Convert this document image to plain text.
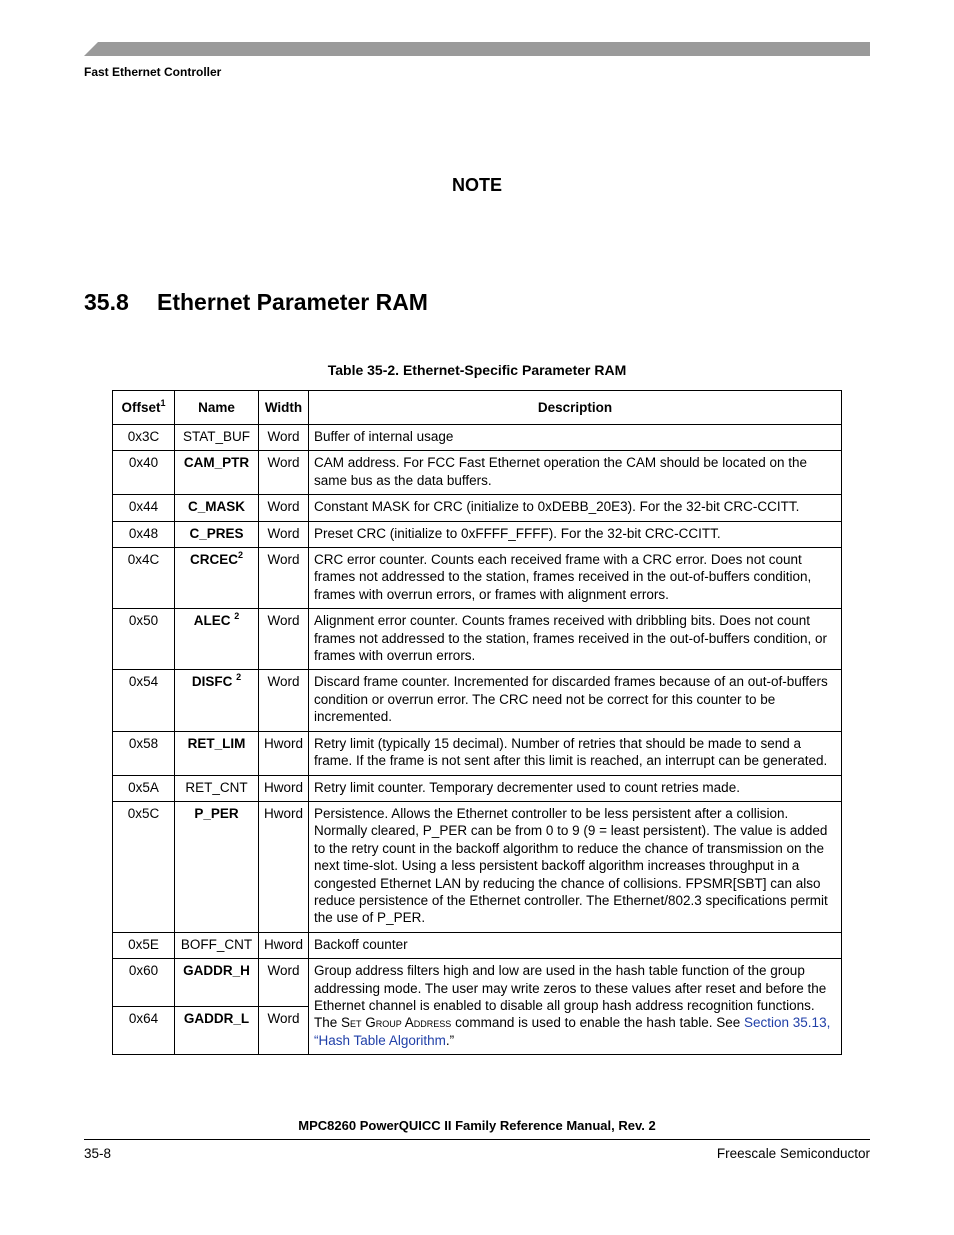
Fast Ethernet Controller
NOTE
35.8 Ethernet Parameter RAM
Table 35-2. Ethernet-Specific Parameter RAM
Offset$^1$	Name	Width	Description
0x3C	STAT_BUF	Word	Buffer of internal usage
0x40	CAM_PTR	Word	CAM address. For FCC Fast Ethernet operation the CAM should be located on the same bus as the data buffers.
0x44	C_MASK	Word	Constant MASK for CRC (initialize to 0xDEBB_20E3). For the 32-bit CRC-CCITT.
0x48	C_PRES	Word	Preset CRC (initialize to 0xFFFF_FFFF). For the 32-bit CRC-CCITT.
0x4C	CRCEC$^2$	Word	CRC error counter. Counts each received frame with a CRC error. Does not count frames not addressed to the station, frames received in the out-of-buffers condition, frames with overrun errors, or frames with alignment errors.
0x50	ALEC $^2$	Word	Alignment error counter. Counts frames received with dribbling bits. Does not count frames not addressed to the station, frames received in the out-of-buffers condition, or frames with overrun errors.
0x54	DISFC $^2$	Word	Discard frame counter. Incremented for discarded frames because of an out-of-buffers condition or overrun error. The CRC need not be correct for this counter to be incremented.
0x58	RET_LIM	Hword	Retry limit (typically 15 decimal). Number of retries that should be made to send a frame. If the frame is not sent after this limit is reached, an interrupt can be generated.
0x5A	RET_CNT	Hword	Retry limit counter. Temporary decrementer used to count retries made.
0x5C	P_PER	Hword	Persistence. Allows the Ethernet controller to be less persistent after a collision. Normally cleared, P_PER can be from 0 to 9 (9 = least persistent). The value is added to the retry count in the backoff algorithm to reduce the chance of transmission on the next time-slot. Using a less persistent backoff algorithm increases throughput in a congested Ethernet LAN by reducing the chance of collisions. FPSMR[SBT] can also reduce persistence of the Ethernet controller. The Ethernet/802.3 specifications permit the use of P_PER.
0x5E	BOFF_CNT	Hword	Backoff counter
0x60	GADDR_H	Word	Group address filters high and low are used in the hash table function of the group addressing mode. The user may write zeros to these values after reset and before the Ethernet channel is enabled to disable all group hash address recognition functions. The Set Group Address command is used to enable the hash table. See Section 35.13, “Hash Table Algorithm.”
0x64	GADDR_L	Word	
MPC8260 PowerQUICC II Family Reference Manual, Rev. 2
35-8	Freescale Semiconductor
